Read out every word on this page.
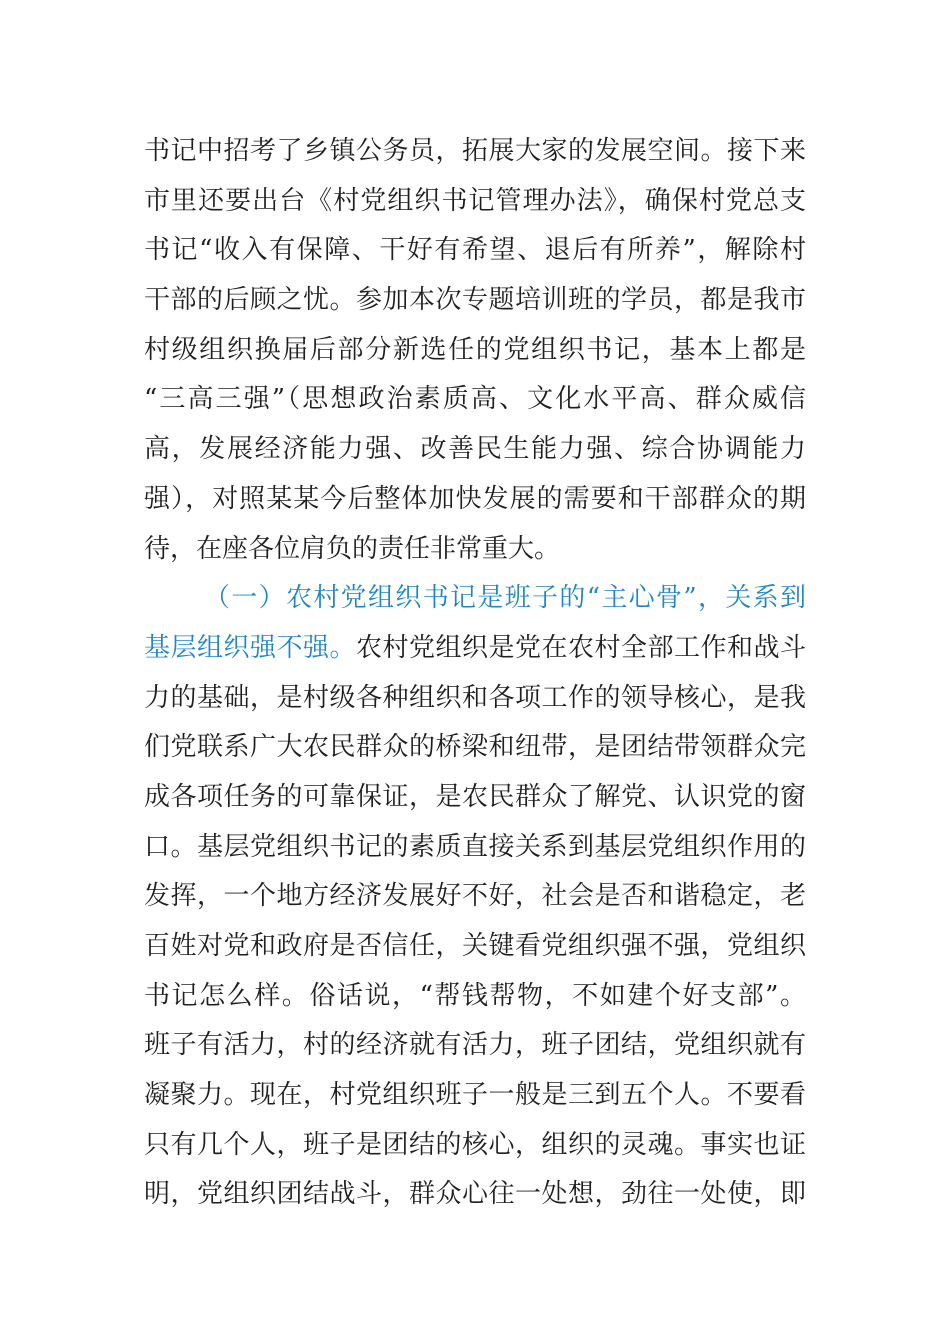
书记中招考了乡镇公务员，拓展大家的发展空间。接下来
市里还要出台《村党组织书记管理办法》，确保村党总支
书记“收入有保障、干好有希望、退后有所养”，解除村
干部的后顾之忧。参加本次专题培训班的学员，都是我市
村级组织换届后部分新选任的党组织书记，基本上都是
“三高三强”（思想政治素质高、文化水平高、群众威信
高，发展经济能力强、改善民生能力强、综合协调能力
强），对照某某今后整体加快发展的需要和干部群众的期
待，在座各位肩负的责任非常重大。
（一）农村党组织书记是班子的“主心骨”，关系到
基层组织强不强。农村党组织是党在农村全部工作和战斗
力的基础，是村级各种组织和各项工作的领导核心，是我
们党联系广大农民群众的桥梁和纽带，是团结带领群众完
成各项任务的可靠保证，是农民群众了解党、认识党的窗
口。基层党组织书记的素质直接关系到基层党组织作用的
发挥，一个地方经济发展好不好，社会是否和谐稳定，老
百姓对党和政府是否信任，关键看党组织强不强，党组织
书记怎么样。俗话说，“帮钱帮物，不如建个好支部”。
班子有活力，村的经济就有活力，班子团结，党组织就有
凝聚力。现在，村党组织班子一般是三到五个人。不要看
只有几个人，班子是团结的核心，组织的灵魂。事实也证
明，党组织团结战斗，群众心往一处想，劲往一处使，即
